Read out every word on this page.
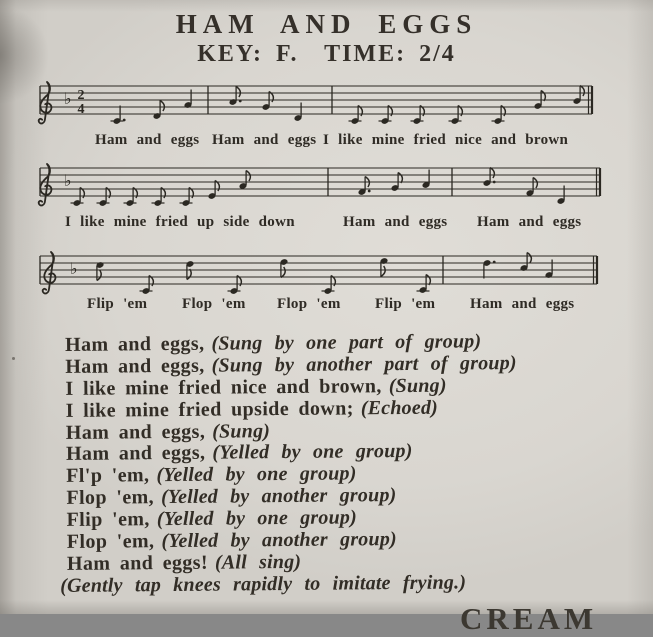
HAM AND EGGS
KEY: F.  TIME: 2/4
♭ 2
4
Ham and eggs Ham and eggs I like mine fried nice and brown
♭
I like mine fried up side down	Ham and eggs Ham and eggs
♭
Flip 'em Flop 'em Flop 'em Flip 'em Ham and eggs
Ham and eggs, (Sung by one part of group)
Ham and eggs, (Sung by another part of group)
I like mine fried nice and brown, (Sung)
I like mine fried upside down; (Echoed)
Ham and eggs, (Sung)
Ham and eggs, (Yelled by one group)
Fl'p 'em, (Yelled by one group)
Flop 'em, (Yelled by another group)
Flip 'em, (Yelled by one group)
Flop 'em, (Yelled by another group)
Ham and eggs! (All sing)
(Gently tap knees rapidly to imitate frying.)
CREAM
